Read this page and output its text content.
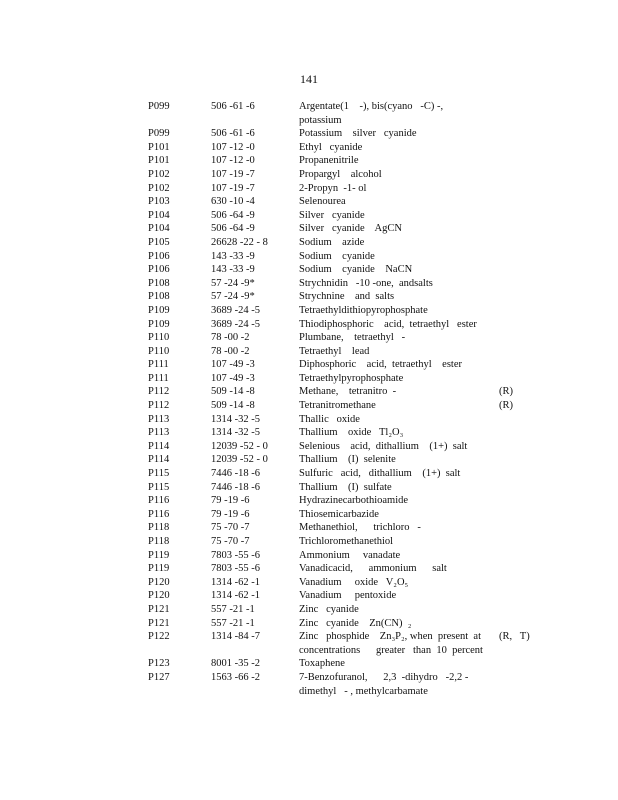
141
P099	506 -61 -6	Argentate(1    -), bis(cyano   -C) -,
potassium
P099	506 -61 -6	Potassium    silver   cyanide
P101	107 -12 -0	Ethyl   cyanide
P101	107 -12 -0	Propanenitrile
P102	107 -19 -7	Propargyl    alcohol
P102	107 -19 -7	2-Propyn  -1- ol
P103	630 -10 -4	Selenourea
P104	506 -64 -9	Silver   cyanide
P104	506 -64 -9	Silver   cyanide    AgCN
P105	26628 -22 - 8	Sodium    azide
P106	143 -33 -9	Sodium    cyanide
P106	143 -33 -9	Sodium    cyanide    NaCN
P108	57 -24 -9*	Strychnidin   -10 -one,  andsalts
P108	57 -24 -9*	Strychnine    and  salts
P109	3689 -24 -5	Tetraethyldithiopyrophosphate
P109	3689 -24 -5	Thiodiphosphoric    acid,  tetraethyl   ester
P110	78 -00 -2	Plumbane,    tetraethyl   -
P110	78 -00 -2	Tetraethyl    lead
P111	107 -49 -3	Diphosphoric    acid,  tetraethyl    ester
P111	107 -49 -3	Tetraethylpyrophosphate
P112	509 -14 -8	Methane,    tetranitro  -	(R)
P112	509 -14 -8	Tetranitromethane	(R)
P113	1314 -32 -5	Thallic   oxide
P113	1314 -32 -5	Thallium    oxide   Tl₂O₃
P114	12039 -52 - 0	Selenious    acid,  dithallium    (1+)  salt
P114	12039 -52 - 0	Thallium    (I)  selenite
P115	7446 -18 -6	Sulfuric   acid,   dithallium    (1+)  salt
P115	7446 -18 -6	Thallium    (I)  sulfate
P116	79 -19 -6	Hydrazinecarbothioamide
P116	79 -19 -6	Thiosemicarbazide
P118	75 -70 -7	Methanethiol,      trichloro   -
P118	75 -70 -7	Trichloromethanethiol
P119	7803 -55 -6	Ammonium     vanadate
P119	7803 -55 -6	Vanadicacid,      ammonium      salt
P120	1314 -62 -1	Vanadium     oxide   V₂O₅
P120	1314 -62 -1	Vanadium     pentoxide
P121	557 -21 -1	Zinc   cyanide
P121	557 -21 -1	Zinc   cyanide    Zn(CN)  ₂
P122	1314 -84 -7	Zinc   phosphide    Zn₃P₂, when  present  at	(R,   T)
concentrations      greater   than  10  percent
P123	8001 -35 -2	Toxaphene
P127	1563 -66 -2	7-Benzofuranol,      2,3  -dihydro   -2,2 -
dimethyl   - , methylcarbamate
